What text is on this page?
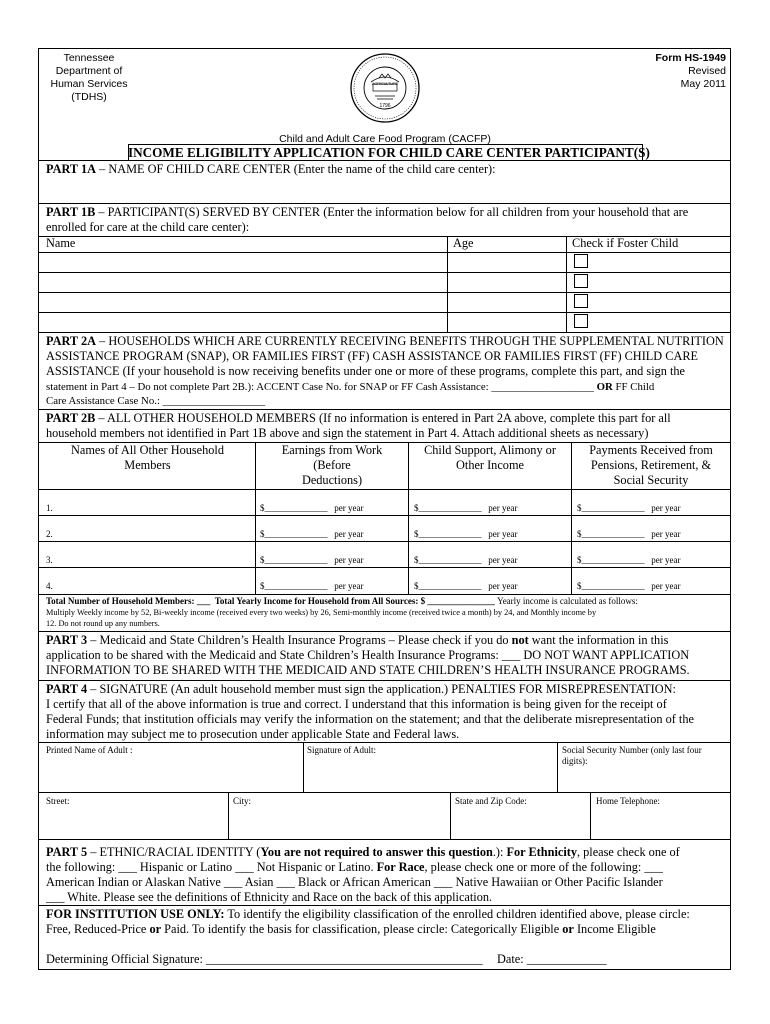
Tennessee
Department of
Human Services
(TDHS)
Form HS-1949
Revised
May 2011
AGRICULTURE
1796
THE GREAT SEAL OF THE STATE OF TENNESSEE
Child and Adult Care Food Program (CACFP)
INCOME ELIGIBILITY APPLICATION FOR CHILD CARE CENTER PARTICIPANT(S)
PART 1A – NAME OF CHILD CARE CENTER (Enter the name of the child care center):
PART 1B – PARTICIPANT(S) SERVED BY CENTER (Enter the information below for all children from your household that are
enrolled for care at the child care center):
Name	Age	Check if Foster Child
PART 2A – HOUSEHOLDS WHICH ARE CURRENTLY RECEIVING BENEFITS THROUGH THE SUPPLEMENTAL NUTRITION
ASSISTANCE PROGRAM (SNAP), OR FAMILIES FIRST (FF) CASH ASSISTANCE OR FAMILIES FIRST (FF) CHILD CARE
ASSISTANCE (If your household is now receiving benefits under one or more of these programs, complete this part, and sign the
statement in Part 4 – Do not complete Part 2B.): ACCENT Case No. for SNAP or FF Cash Assistance: ___________________ OR FF Child
Care Assistance Case No.: ___________________
PART 2B – ALL OTHER HOUSEHOLD MEMBERS (If no information is entered in Part 2A above, complete this part for all
household members not identified in Part 1B above and sign the statement in Part 4. Attach additional sheets as necessary)
Names of All Other Household
Members
Earnings from Work
(Before
Deductions)
Child Support, Alimony or
Other Income
Payments Received from
Pensions, Retirement, &
Social Security
1.	$______________ per year	$______________ per year	$______________ per year
2.	$______________ per year	$______________ per year	$______________ per year
3.	$______________ per year	$______________ per year	$______________ per year
4.	$______________ per year	$______________ per year	$______________ per year
Total Number of Household Members: ___ Total Yearly Income for Household from All Sources: $ _______________ Yearly income is calculated as follows:
Multiply Weekly income by 52, Bi-weekly income (received every two weeks) by 26, Semi-monthly income (received twice a month) by 24, and Monthly income by
12. Do not round up any numbers.
PART 3 – Medicaid and State Children’s Health Insurance Programs – Please check if you do not want the information in this
application to be shared with the Medicaid and State Children’s Health Insurance Programs: ___ DO NOT WANT APPLICATION
INFORMATION TO BE SHARED WITH THE MEDICAID AND STATE CHILDREN’S HEALTH INSURANCE PROGRAMS.
PART 4 – SIGNATURE (An adult household member must sign the application.) PENALTIES FOR MISREPRESENTATION:
I certify that all of the above information is true and correct. I understand that this information is being given for the receipt of
Federal Funds; that institution officials may verify the information on the statement; and that the deliberate misrepresentation of the
information may subject me to prosecution under applicable State and Federal laws.
Printed Name of Adult :	Signature of Adult:	Social Security Number (only last four
digits):
Street:	City:	State and Zip Code:	Home Telephone:
PART 5 – ETHNIC/RACIAL IDENTITY (You are not required to answer this question.): For Ethnicity, please check one of
the following: ___ Hispanic or Latino ___ Not Hispanic or Latino. For Race, please check one or more of the following: ___
American Indian or Alaskan Native ___ Asian ___ Black or African American ___ Native Hawaiian or Other Pacific Islander
___ White. Please see the definitions of Ethnicity and Race on the back of this application.
FOR INSTITUTION USE ONLY: To identify the eligibility classification of the enrolled children identified above, please circle:
Free, Reduced-Price or Paid. To identify the basis for classification, please circle: Categorically Eligible or Income Eligible
Determining Official Signature: _____________________________________________ Date: _____________
